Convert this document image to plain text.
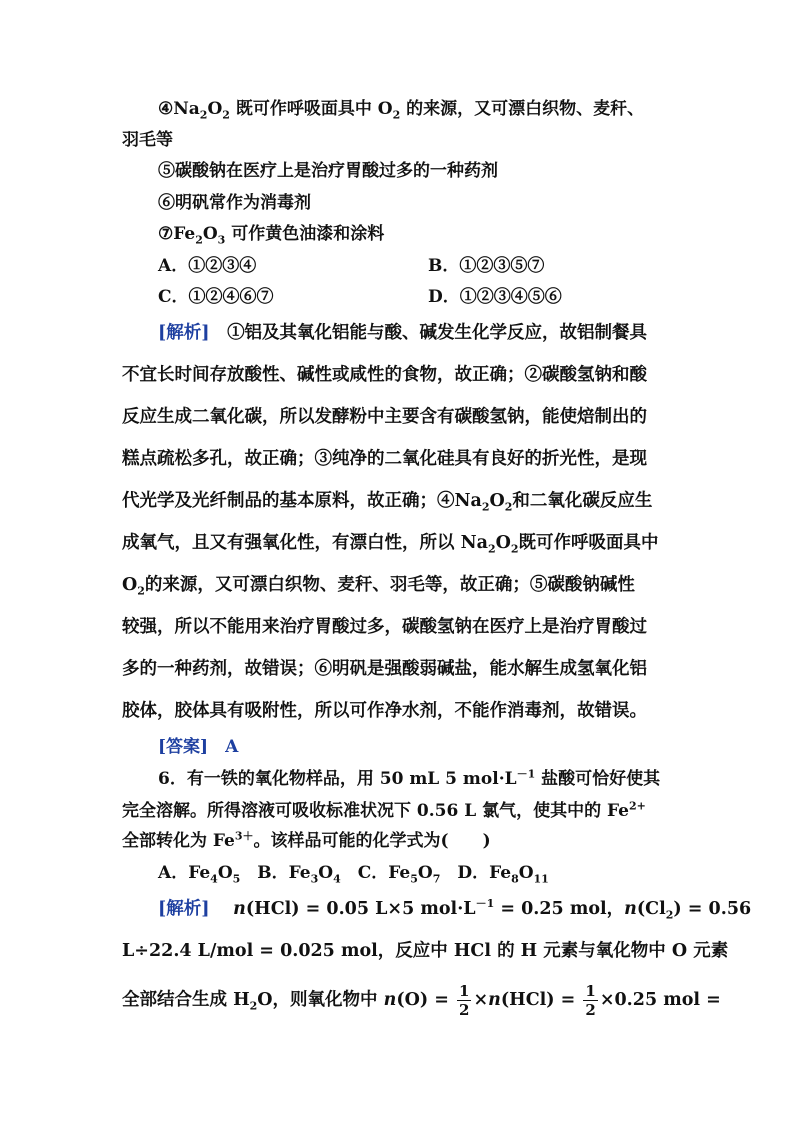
$④Na_2O_2$ 既可作呼吸面具中 $O_2$ 的来源，又可漂白织物、麦秆、
羽毛等
⑤碳酸钠在医疗上是治疗胃酸过多的一种药剂
⑥明矾常作为消毒剂
$⑦Fe_2O_3$ 可作黄色油漆和涂料
A．①②③④	B．①②③⑤⑦
C．①②④⑥⑦	D．①②③④⑤⑥
[解析]　 ①铝及其氧化铝能与酸、碱发生化学反应，故铝制餐具
不宜长时间存放酸性、碱性或咸性的食物，故正确；②碳酸氢钠和酸
反应生成二氧化碳，所以发酵粉中主要含有碳酸氢钠，能使焙制出的
糕点疏松多孔，故正确；③纯净的二氧化硅具有良好的折光性，是现
代光学及光纤制品的基本原料，故正确；$④Na_2O_2$和二氧化碳反应生
成氧气，且又有强氧化性，有漂白性，所以 $Na_2O_2$既可作呼吸面具中
$O_2$的来源，又可漂白织物、麦秆、羽毛等，故正确；⑤碳酸钠碱性
较强，所以不能用来治疗胃酸过多，碳酸氢钠在医疗上是治疗胃酸过
多的一种药剂，故错误；⑥明矾是强酸弱碱盐，能水解生成氢氧化铝
胶体，胶体具有吸附性，所以可作净水剂，不能作消毒剂，故错误。
[答案]　 A
6．有一铁的氧化物样品，用 50 mL 5 $mol\cdot L^{-1}$ 盐酸可恰好使其
完全溶解。所得溶液可吸收标准状况下 0.56 L 氯气，使其中的 $Fe^{2+}$
全部转化为 $Fe^{3+}$。该样品可能的化学式为(　　)
A．$Fe_4O_5$　 B．$Fe_3O_4$　 C．$Fe_5O_7$　 D．$Fe_8O_{11}$
[解析]　 n(HCl) = 0.05 L×5 $mol\cdot L^{-1} = 0.25$ mol，$n(Cl_2) = 0.56$
L÷22.4 L/mol = 0.025 mol，反应中 HCl 的 H 元素与氧化物中 O 元素
全部结合生成 $H_2O$，则氧化物中 $n(O) = \frac{1}{2} \times n(HCl) = \frac{1}{2} \times 0.25$ mol =
